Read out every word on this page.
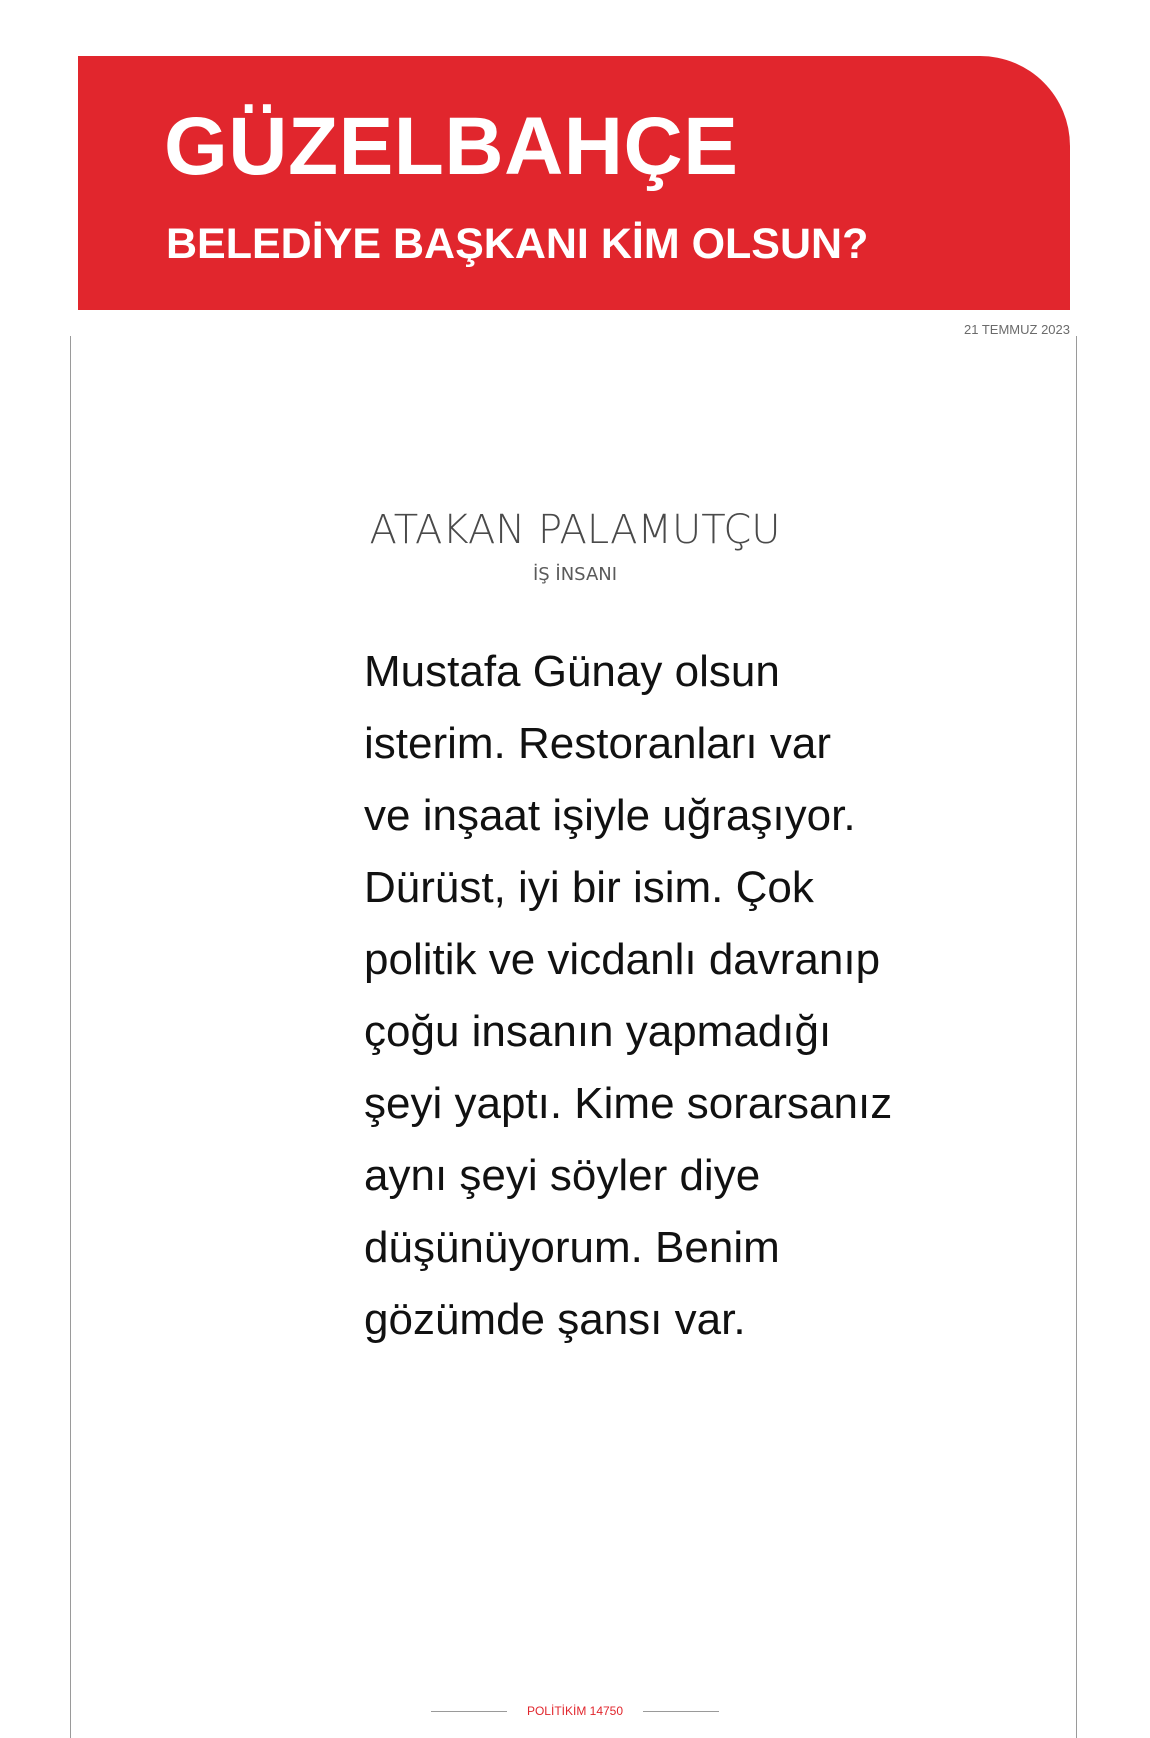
GÜZELBAHÇE
BELEDİYE BAŞKANI KİM OLSUN?
21 TEMMUZ 2023
ATAKAN PALAMUTÇU
İŞ İNSANI

Mustafa Günay olsun
isterim. Restoranları var
ve inşaat işiyle uğraşıyor.
Dürüst, iyi bir isim. Çok
politik ve vicdanlı davranıp
çoğu insanın yapmadığı
şeyi yaptı. Kime sorarsanız
aynı şeyi söyler diye
düşünüyorum. Benim
gözümde şansı var.

POLİTİKİM 14750
